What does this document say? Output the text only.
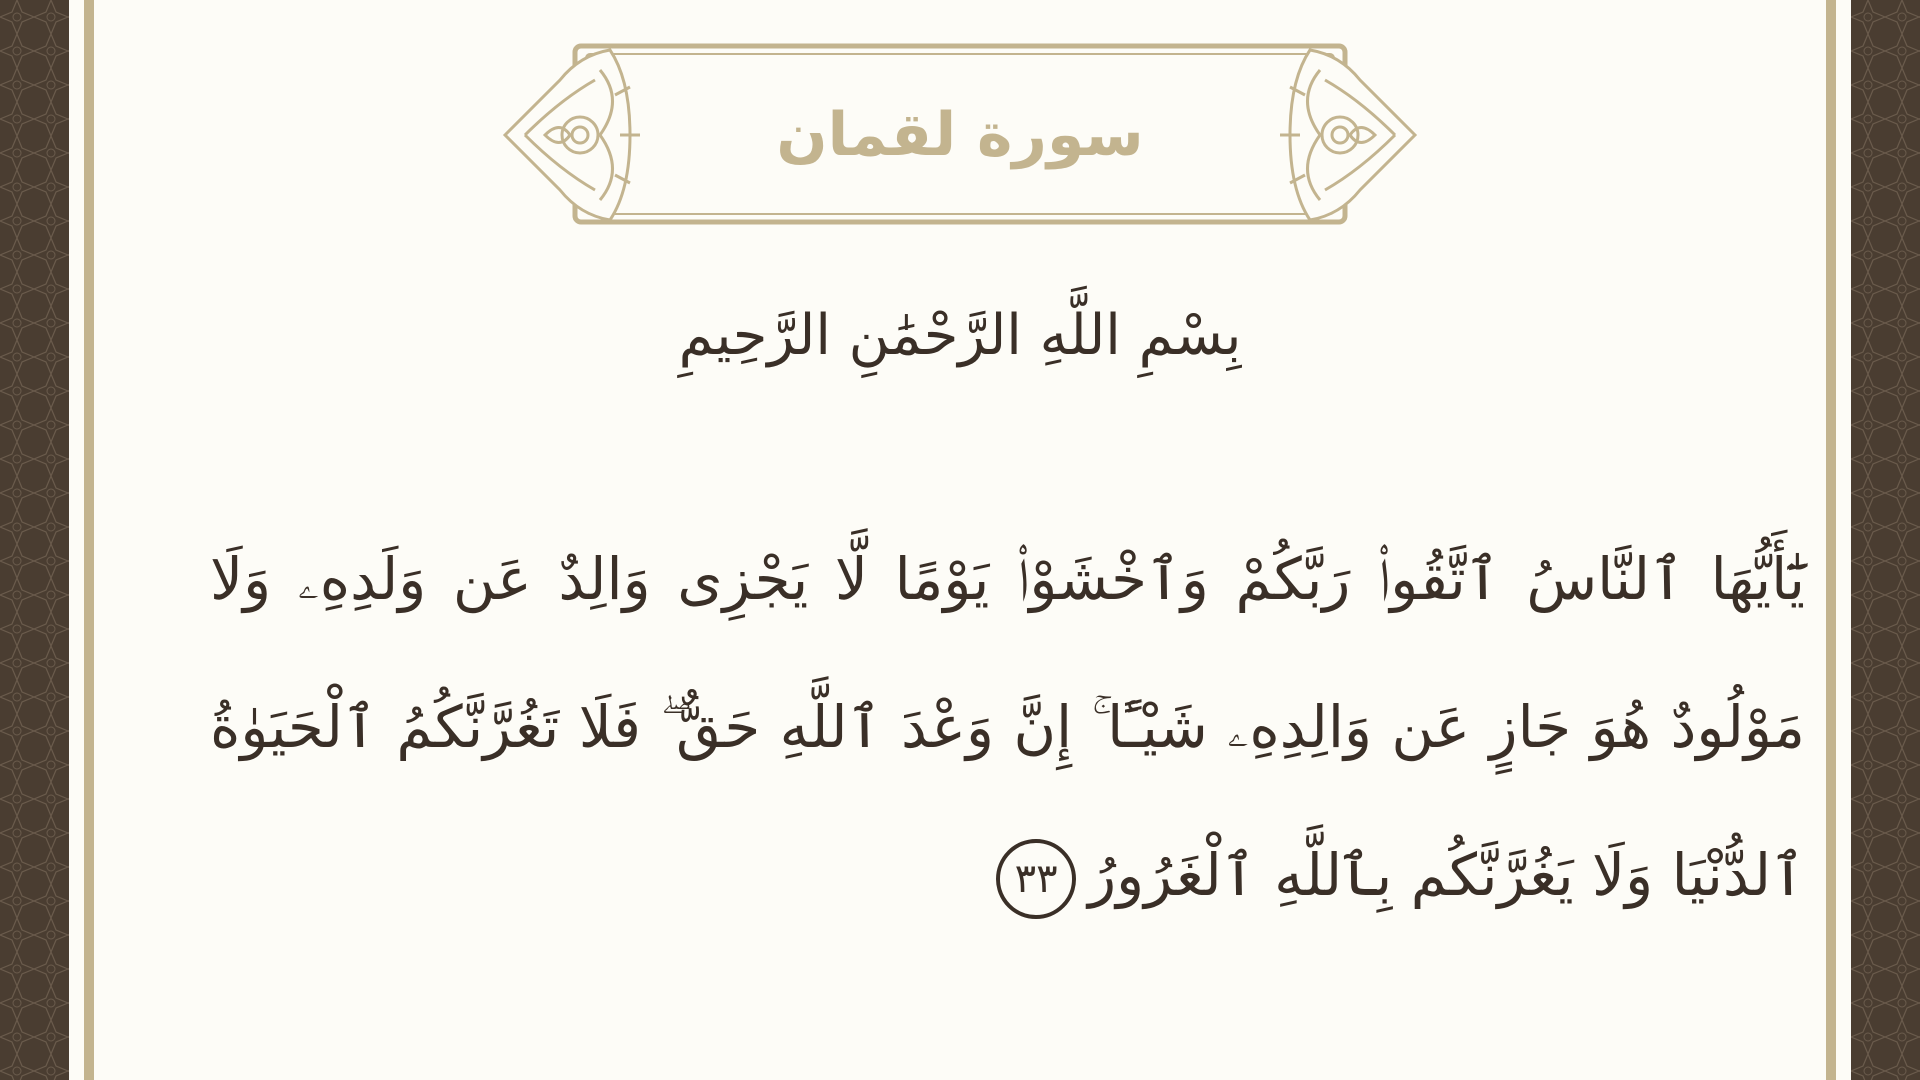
سورة لقمان
بِسْمِ اللَّهِ الرَّحْمَٰنِ الرَّحِيمِ
يَٰٓأَيُّهَا ٱلنَّاسُ ٱتَّقُوا۟ رَبَّكُمْ وَٱخْشَوْا۟ يَوْمًا لَّا يَجْزِى وَالِدٌ عَن وَلَدِهِۦ وَلَا مَوْلُودٌ هُوَ جَازٍ عَن وَالِدِهِۦ شَيْـًٔا ۚ إِنَّ وَعْدَ ٱللَّهِ حَقٌّ ۖ فَلَا تَغُرَّنَّكُمُ ٱلْحَيَوٰةُ ٱلدُّنْيَا وَلَا يَغُرَّنَّكُم بِٱللَّهِ ٱلْغَرُورُ٣٣
